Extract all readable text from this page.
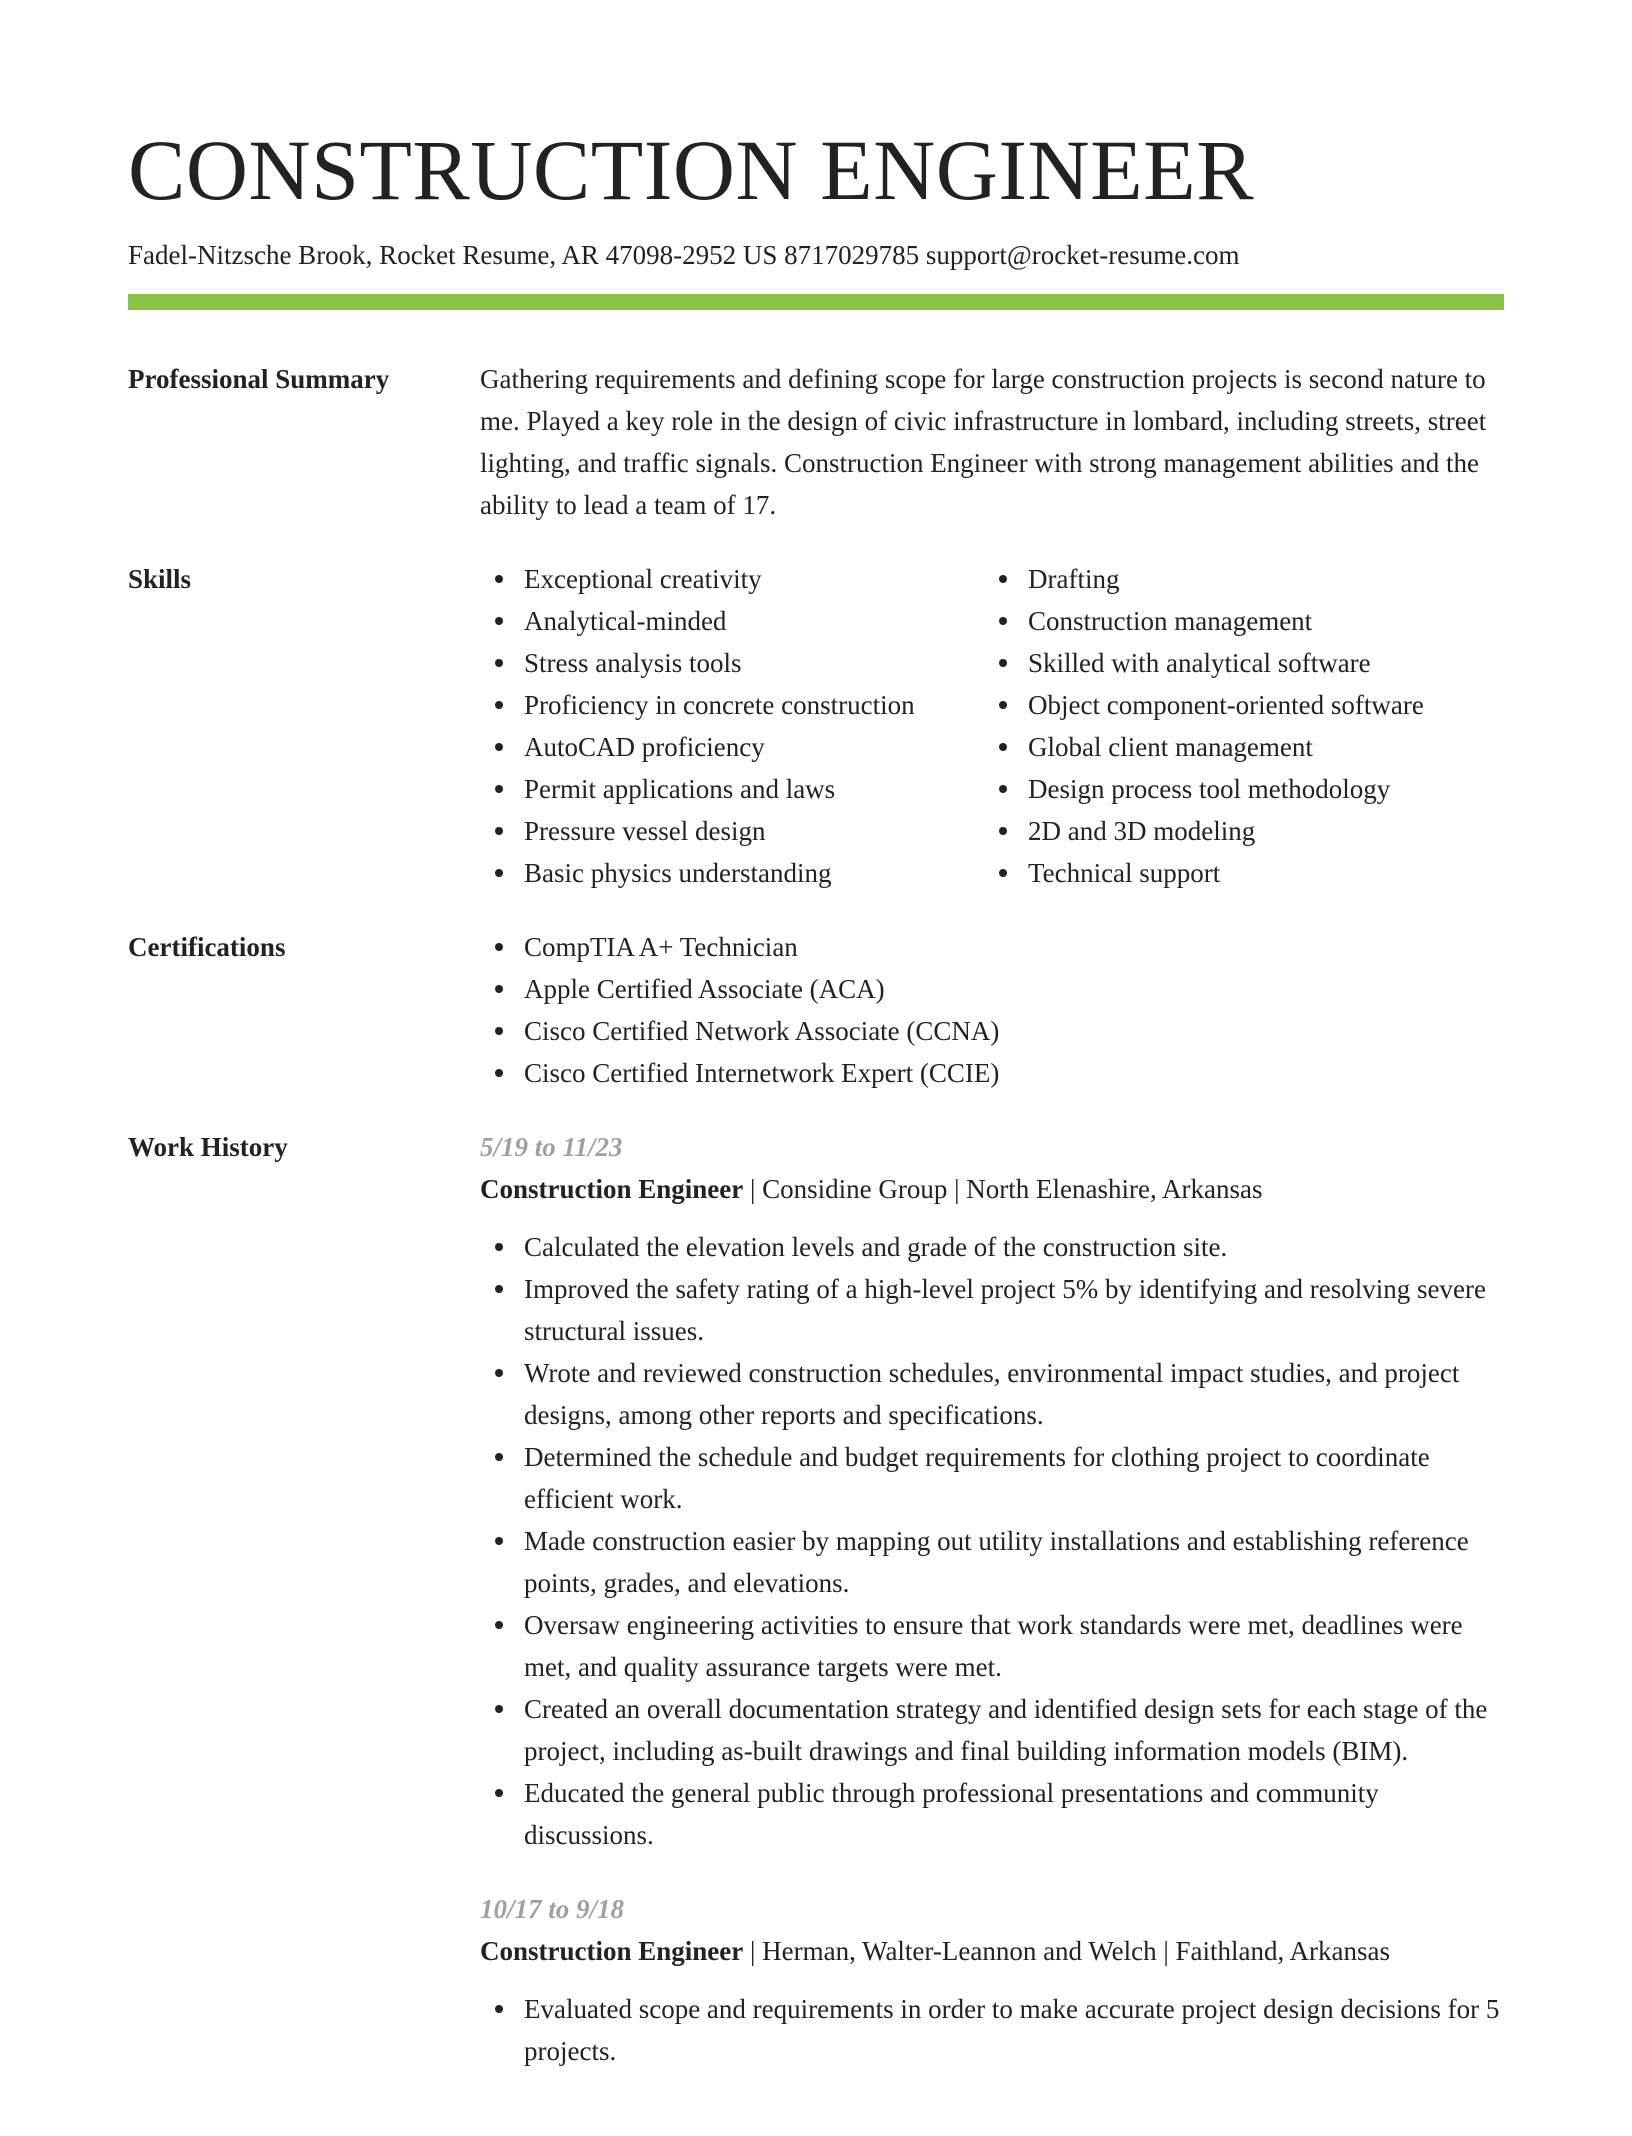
CONSTRUCTION ENGINEER
Fadel-Nitzsche Brook, Rocket Resume, AR 47098-2952 US 8717029785 support@rocket-resume.com
Professional Summary	Gathering requirements and defining scope for large construction projects is second nature to me. Played a key role in the design of civic infrastructure in lombard, including streets, street lighting, and traffic signals. Construction Engineer with strong management abilities and the ability to lead a team of 17.

Skills	Exceptional creativity
Analytical-minded
Stress analysis tools
Proficiency in concrete construction
AutoCAD proficiency
Permit applications and laws
Pressure vessel design
Basic physics understanding
Drafting
Construction management
Skilled with analytical software
Object component-oriented software
Global client management
Design process tool methodology
2D and 3D modeling
Technical support
Certifications	CompTIA A+ Technician
Apple Certified Associate (ACA)
Cisco Certified Network Associate (CCNA)
Cisco Certified Internetwork Expert (CCIE)
Work History	5/19 to 11/23
Construction Engineer | Considine Group | North Elenashire, Arkansas
Calculated the elevation levels and grade of the construction site.
Improved the safety rating of a high-level project 5% by identifying and resolving severe structural issues.
Wrote and reviewed construction schedules, environmental impact studies, and project designs, among other reports and specifications.
Determined the schedule and budget requirements for clothing project to coordinate efficient work.
Made construction easier by mapping out utility installations and establishing reference points, grades, and elevations.
Oversaw engineering activities to ensure that work standards were met, deadlines were met, and quality assurance targets were met.
Created an overall documentation strategy and identified design sets for each stage of the project, including as-built drawings and final building information models (BIM).
Educated the general public through professional presentations and community discussions.
10/17 to 9/18
Construction Engineer | Herman, Walter-Leannon and Welch | Faithland, Arkansas
Evaluated scope and requirements in order to make accurate project design decisions for 5 projects.
